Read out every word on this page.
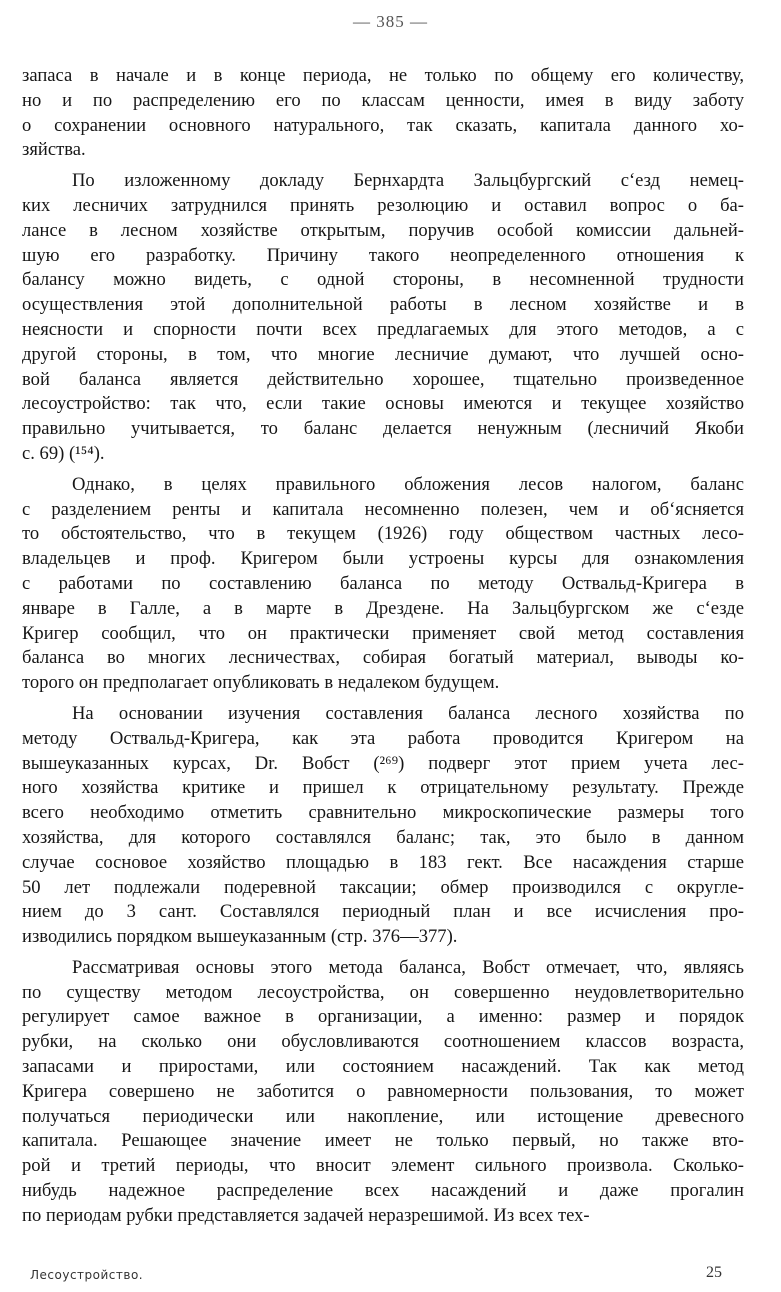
— 385 —
запаса в начале и в конце периода, не только по общему его количеству,
но и по распределению его по классам ценности, имея в виду заботу
о сохранении основного натурального, так сказать, капитала данного хо-
зяйства.
По изложенному докладу Бернхардта Зальцбургский с‘езд немец-
ких лесничих затруднился принять резолюцию и оставил вопрос о ба-
лансе в лесном хозяйстве открытым, поручив особой комиссии дальней-
шую его разработку. Причину такого неопределенного отношения к
балансу можно видеть, с одной стороны, в несомненной трудности
осуществления этой дополнительной работы в лесном хозяйстве и в
неясности и спорности почти всех предлагаемых для этого методов, а с
другой стороны, в том, что многие лесничие думают, что лучшей осно-
вой баланса является действительно хорошее, тщательно произведенное
лесоустройство: так что, если такие основы имеются и текущее хозяйство
правильно учитывается, то баланс делается ненужным (лесничий Якоби
с. 69) (¹⁵⁴).
Однако, в целях правильного обложения лесов налогом, баланс
с разделением ренты и капитала несомненно полезен, чем и об‘ясняется
то обстоятельство, что в текущем (1926) году обществом частных лесо-
владельцев и проф. Кригером были устроены курсы для ознакомления
с работами по составлению баланса по методу Оствальд-Кригера в
январе в Галле, а в марте в Дрездене. На Зальцбургском же с‘езде
Кригер сообщил, что он практически применяет свой метод составления
баланса во многих лесничествах, собирая богатый материал, выводы ко-
торого он предполагает опубликовать в недалеком будущем.
На основании изучения составления баланса лесного хозяйства по
методу Оствальд-Кригера, как эта работа проводится Кригером на
вышеуказанных курсах, Dr. Вобст (²⁶⁹) подверг этот прием учета лес-
ного хозяйства критике и пришел к отрицательному результату. Прежде
всего необходимо отметить сравнительно микроскопические размеры того
хозяйства, для которого составлялся баланс; так, это было в данном
случае сосновое хозяйство площадью в 183 гект. Все насаждения старше
50 лет подлежали подеревной таксации; обмер производился с округле-
нием до 3 сант. Составлялся периодный план и все исчисления про-
изводились порядком вышеуказанным (стр. 376—377).
Рассматривая основы этого метода баланса, Вобст отмечает, что, являясь
по существу методом лесоустройства, он совершенно неудовлетворительно
регулирует самое важное в организации, а именно: размер и порядок
рубки, на сколько они обусловливаются соотношением классов возраста,
запасами и приростами, или состоянием насаждений. Так как метод
Кригера совершено не заботится о равномерности пользования, то может
получаться периодически или накопление, или истощение древесного
капитала. Решающее значение имеет не только первый, но также вто-
рой и третий периоды, что вносит элемент сильного произвола. Сколько-
нибудь надежное распределение всех насаждений и даже прогалин
по периодам рубки представляется задачей неразрешимой. Из всех тех-
Лесоустройство.	25
